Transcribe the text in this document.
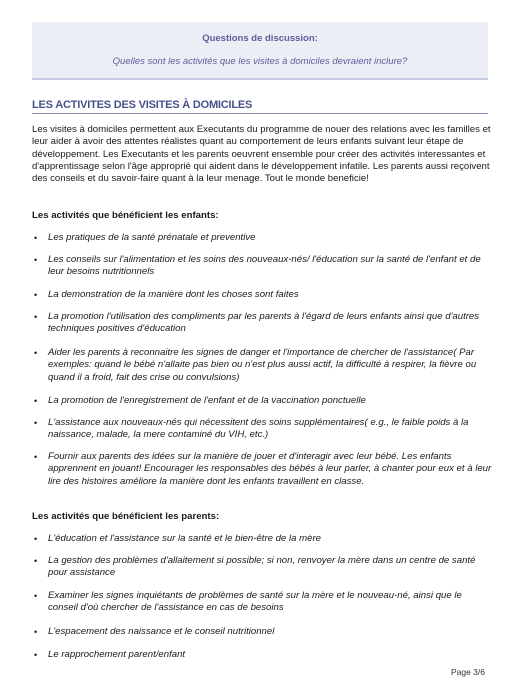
Questions de discussion:
Quelles sont les activités que les visites à domiciles devraient inclure?
LES ACTIVITES DES VISITES À DOMICILES

Les visites à domiciles permettent aux Executants du programme de nouer des relations avec les familles et leur aider à avoir des attentes réalistes quant au comportement de leurs enfants suivant leur étape de développement. Les Executants et les parents oeuvrent ensemble pour créer des activités interessantes et d'apprentissage selon l'âge approprié qui aident dans le développement infatile. Les parents aussi reçoivent des conseils et du savoir-faire quant à la leur menage. Tout le monde beneficie!

Les activités que bénéficient les enfants:

• Les pratiques de la santé prénatale et preventive
• Les conseils sur l'alimentation et les soins des nouveaux-nés/ l'éducation sur la santé de l'enfant et de leur besoins nutritionnels
• La demonstration de la manière dont les choses sont faites
• La promotion l'utilisation des compliments par les parents à l'égard de leurs enfants ainsi que d'autres techniques positives d'éducation
• Aider les parents à reconnaitre les signes de danger et l'importance de chercher de l'assistance( Par exemples: quand le bébé n'allaite pas bien ou n'est plus aussi actif, la difficulté à respirer, la fièvre ou quand il a froid, fait des crise ou convulsions)
• La promotion de l'enregistrement de l'enfant et de la vaccination ponctuelle
• L'assistance aux nouveaux-nés qui nécessitent des soins supplémentaires( e.g., le faible poids à la naissance, malade, la mere contaminé du VIH, etc.)
• Fournir aux parents des idées sur la manière de jouer et d'interagir avec leur bébé. Les enfants apprennent en jouant! Encourager les responsables des bébés à leur parler, à chanter pour eux et à leur lire des histoires améliore la manière dont les enfants travaillent en classe.

Les activités que bénéficient les parents:

• L'éducation et l'assistance sur la santé et le bien-être de la mère
• La gestion des problèmes d'allaitement si possible; si non, renvoyer la mère dans un centre de santé pour assistance
• Examiner les signes inquiétants de problèmes de santé sur la mère et le nouveau-né, ainsi que le conseil d'où chercher de l'assistance en cas de besoins
• L'espacement des naissance et le conseil nutritionnel
• Le rapprochement parent/enfant
Page 3/6
